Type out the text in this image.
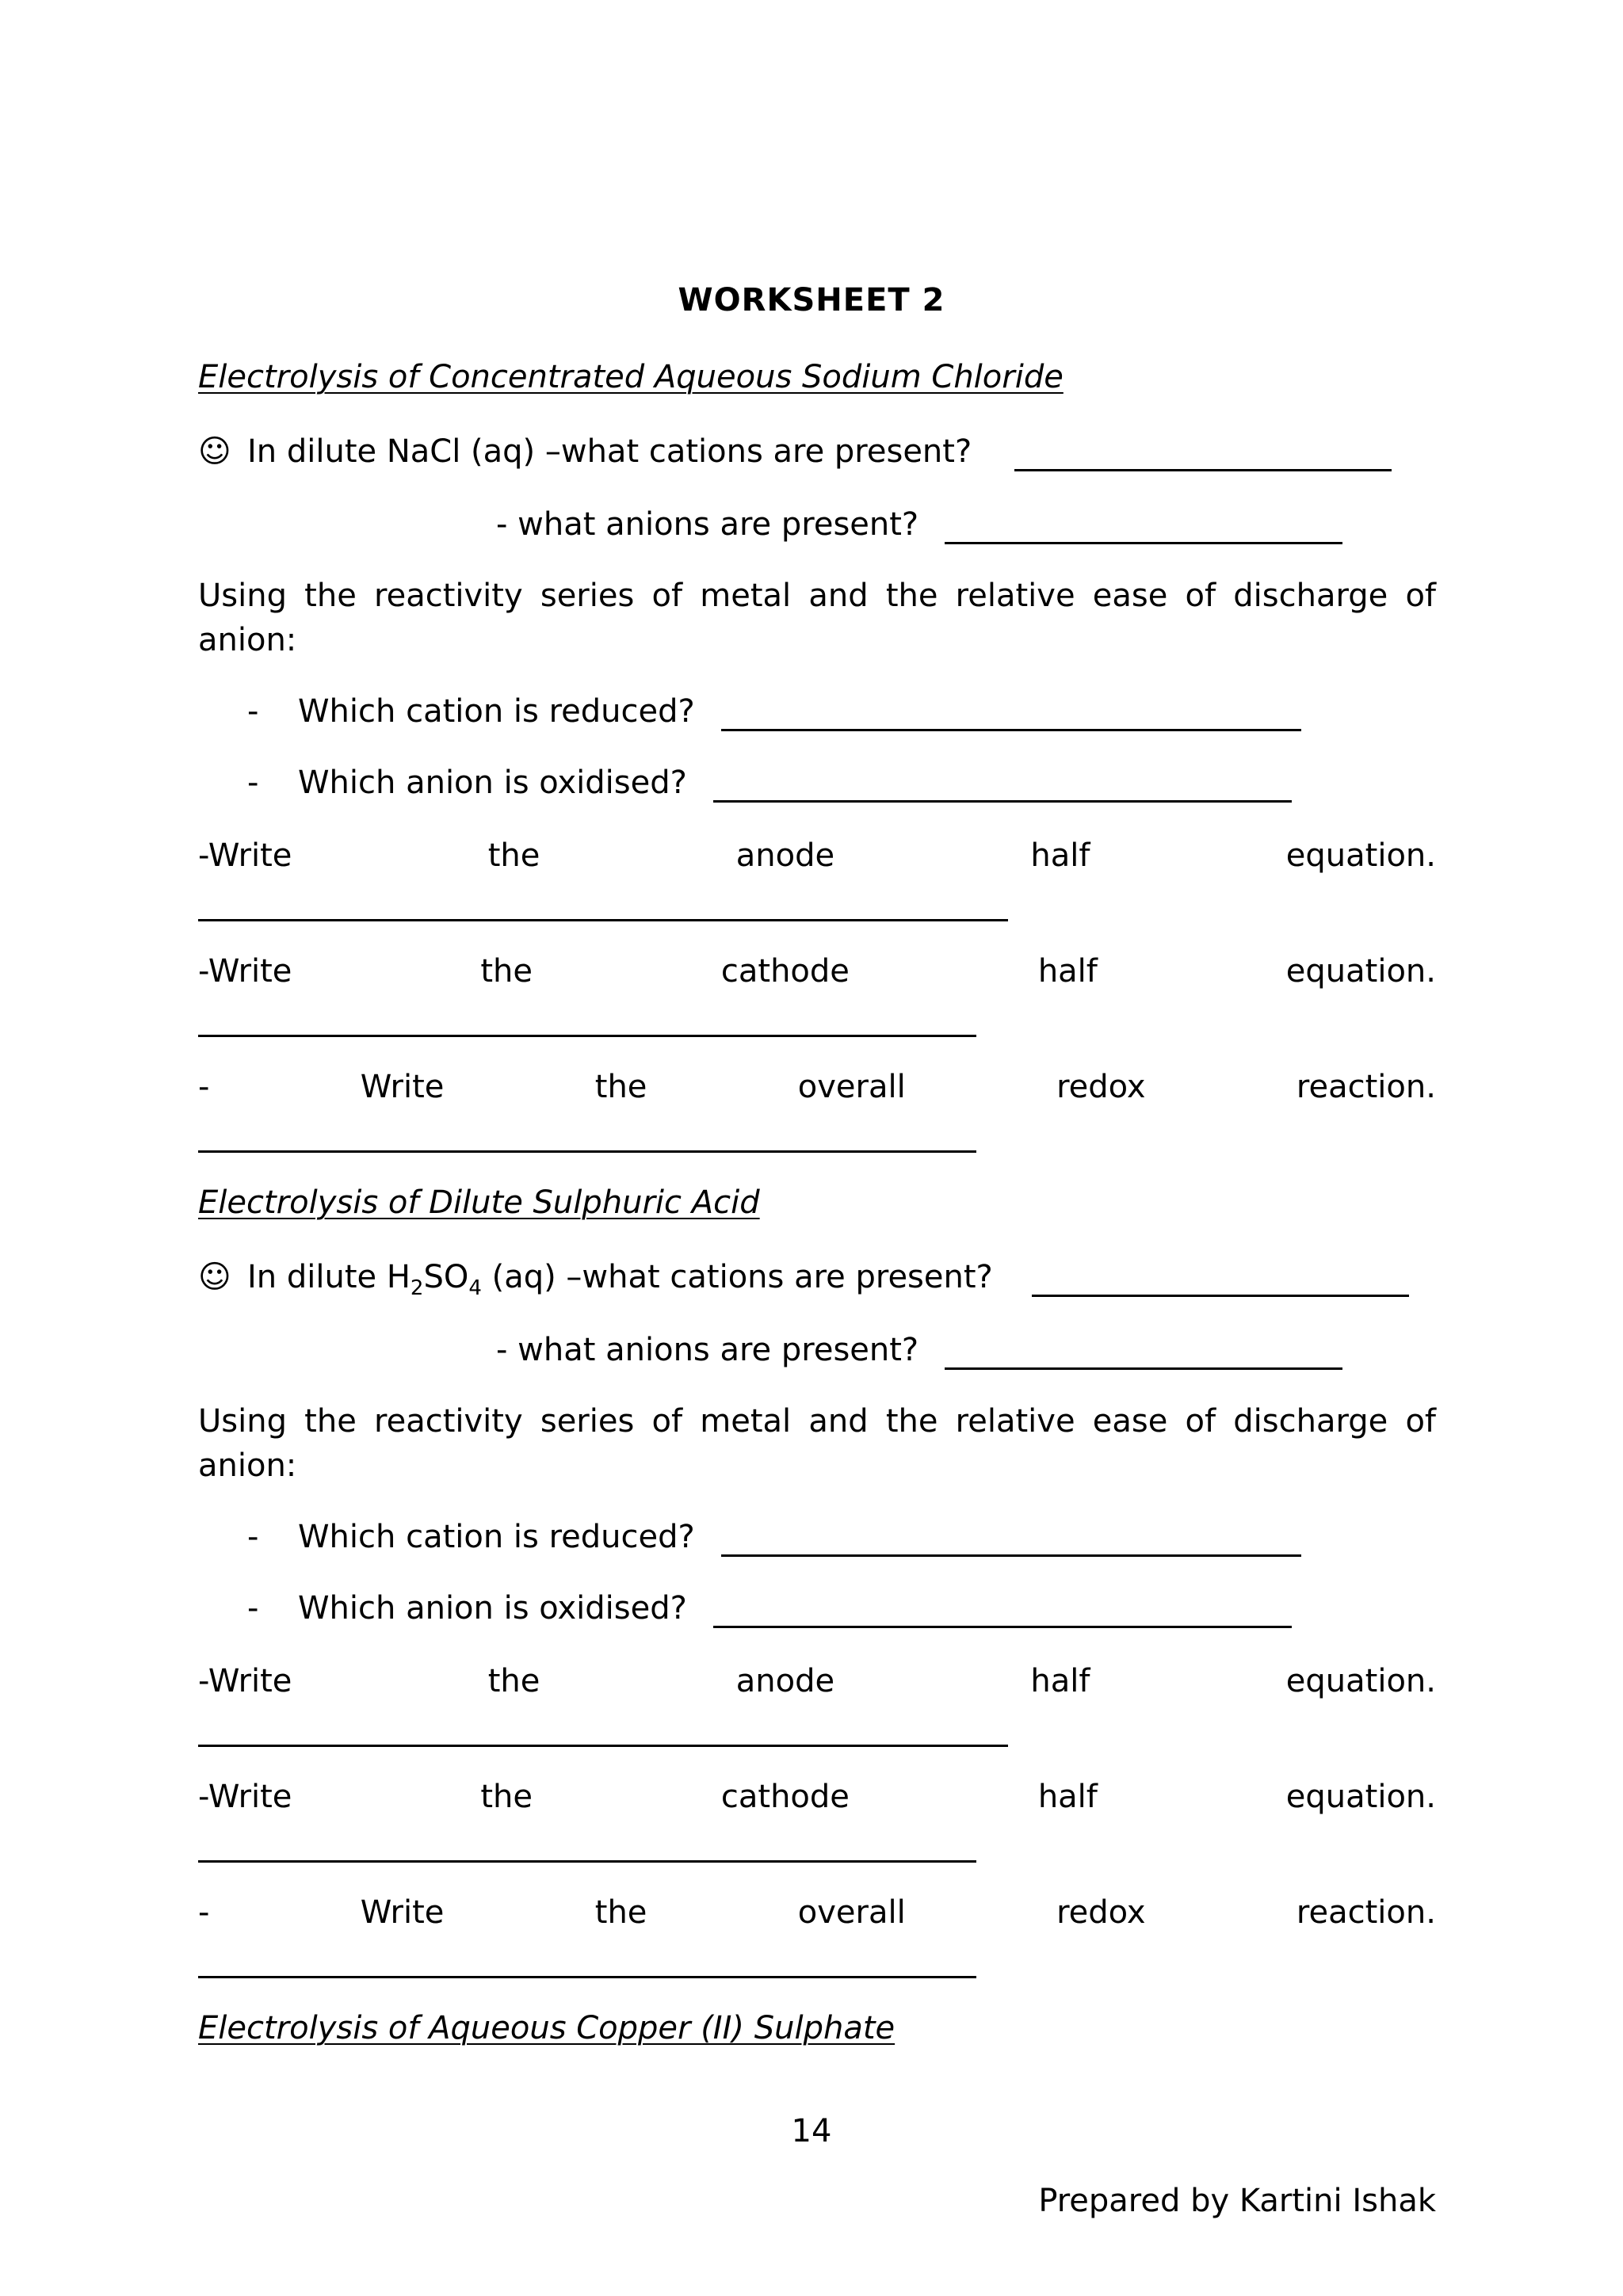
WORKSHEET 2
Electrolysis of Concentrated Aqueous Sodium Chloride
☺ In dilute NaCl (aq) –what cations are present?
- what anions are present?
Using the reactivity series of metal and the relative ease of discharge of anion:
- Which cation is reduced?
- Which anion is oxidised?
-Write	the	anode	half	equation.
-Write	the	cathode	half	equation.
-	Write	the	overall	redox	reaction.
Electrolysis of Dilute Sulphuric Acid
☺ In dilute $H_2SO_4$ (aq) –what cations are present?
- what anions are present?
Using the reactivity series of metal and the relative ease of discharge of anion:
- Which cation is reduced?
- Which anion is oxidised?
-Write	the	anode	half	equation.
-Write	the	cathode	half	equation.
-	Write	the	overall	redox	reaction.
Electrolysis of Aqueous Copper (II) Sulphate
14
Prepared by Kartini Ishak
